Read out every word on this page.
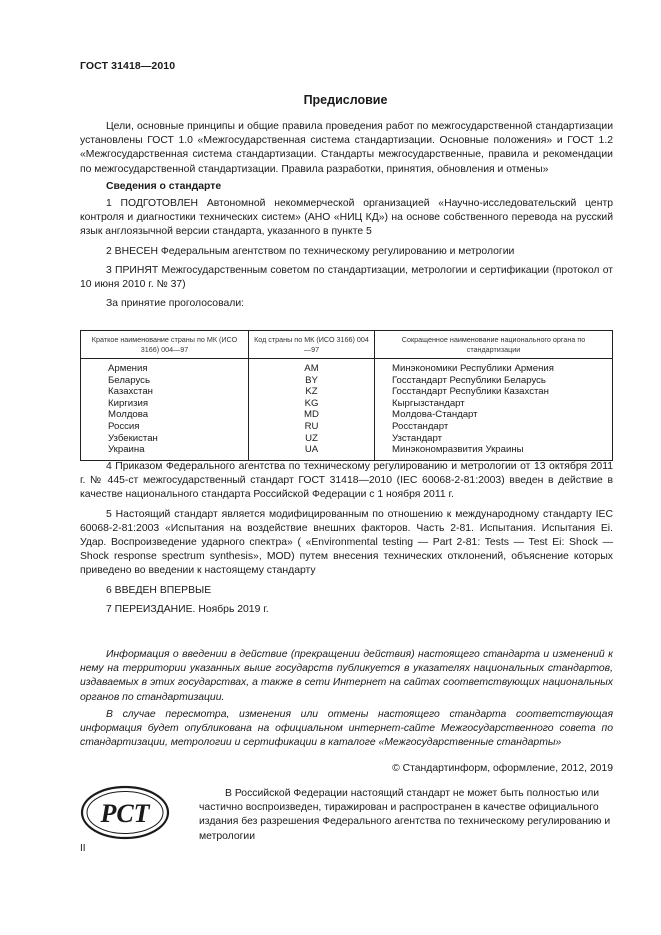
ГОСТ 31418—2010
Предисловие

Цели, основные принципы и общие правила проведения работ по межгосударственной стандартизации установлены ГОСТ 1.0 «Межгосударственная система стандартизации. Основные положения» и ГОСТ 1.2 «Межгосударственная система стандартизации. Стандарты межгосударственные, правила и рекомендации по межгосударственной стандартизации. Правила разработки, принятия, обновления и отмены»

Сведения о стандарте

1 ПОДГОТОВЛЕН Автономной некоммерческой организацией «Научно-исследовательский центр контроля и диагностики технических систем» (АНО «НИЦ КД») на основе собственного перевода на русский язык англоязычной версии стандарта, указанного в пункте 5

2 ВНЕСЕН Федеральным агентством по техническому регулированию и метрологии

3 ПРИНЯТ Межгосударственным советом по стандартизации, метрологии и сертификации (протокол от 10 июня 2010 г. № 37)

За принятие проголосовали:

Краткое наименование страны по МК (ИСО 3166) 004—97	Код страны по МК (ИСО 3166) 004—97	Сокращенное наименование национального органа по стандартизации
Армения	AM	Минэкономики Республики Армения
Беларусь	BY	Госстандарт Республики Беларусь
Казахстан	KZ	Госстандарт Республики Казахстан
Киргизия	KG	Кыргызстандарт
Молдова	MD	Молдова-Стандарт
Россия	RU	Росстандарт
Узбекистан	UZ	Узстандарт
Украина	UA	Минэкономразвития Украины

4 Приказом Федерального агентства по техническому регулированию и метрологии от 13 октября 2011 г. № 445-ст межгосударственный стандарт ГОСТ 31418—2010 (IEC 60068-2-81:2003) введен в действие в качестве национального стандарта Российской Федерации с 1 ноября 2011 г.

5 Настоящий стандарт является модифицированным по отношению к международному стандарту IEC 60068-2-81:2003 «Испытания на воздействие внешних факторов. Часть 2-81. Испытания. Испытания Ei. Удар. Воспроизведение ударного спектра» ( «Environmental testing — Part 2-81: Tests — Test Ei: Shock — Shock response spectrum synthesis», MOD) путем внесения технических отклонений, объяснение которых приведено во введении к настоящему стандарту

6 ВВЕДЕН ВПЕРВЫЕ

7 ПЕРЕИЗДАНИЕ. Ноябрь 2019 г.

Информация о введении в действие (прекращении действия) настоящего стандарта и изменений к нему на территории указанных выше государств публикуется в указателях национальных стандартов, издаваемых в этих государствах, а также в сети Интернет на сайтах соответствующих национальных органов по стандартизации.

В случае пересмотра, изменения или отмены настоящего стандарта соответствующая информация будет опубликована на официальном интернет-сайте Межгосударственного совета по стандартизации, метрологии и сертификации в каталоге «Межгосударственные стандарты»

© Стандартинформ, оформление, 2012, 2019
РСТ

В Российской Федерации настоящий стандарт не может быть полностью или частично воспроизведен, тиражирован и распространен в качестве официального издания без разрешения Федерального агентства по техническому регулированию и метрологии

II
